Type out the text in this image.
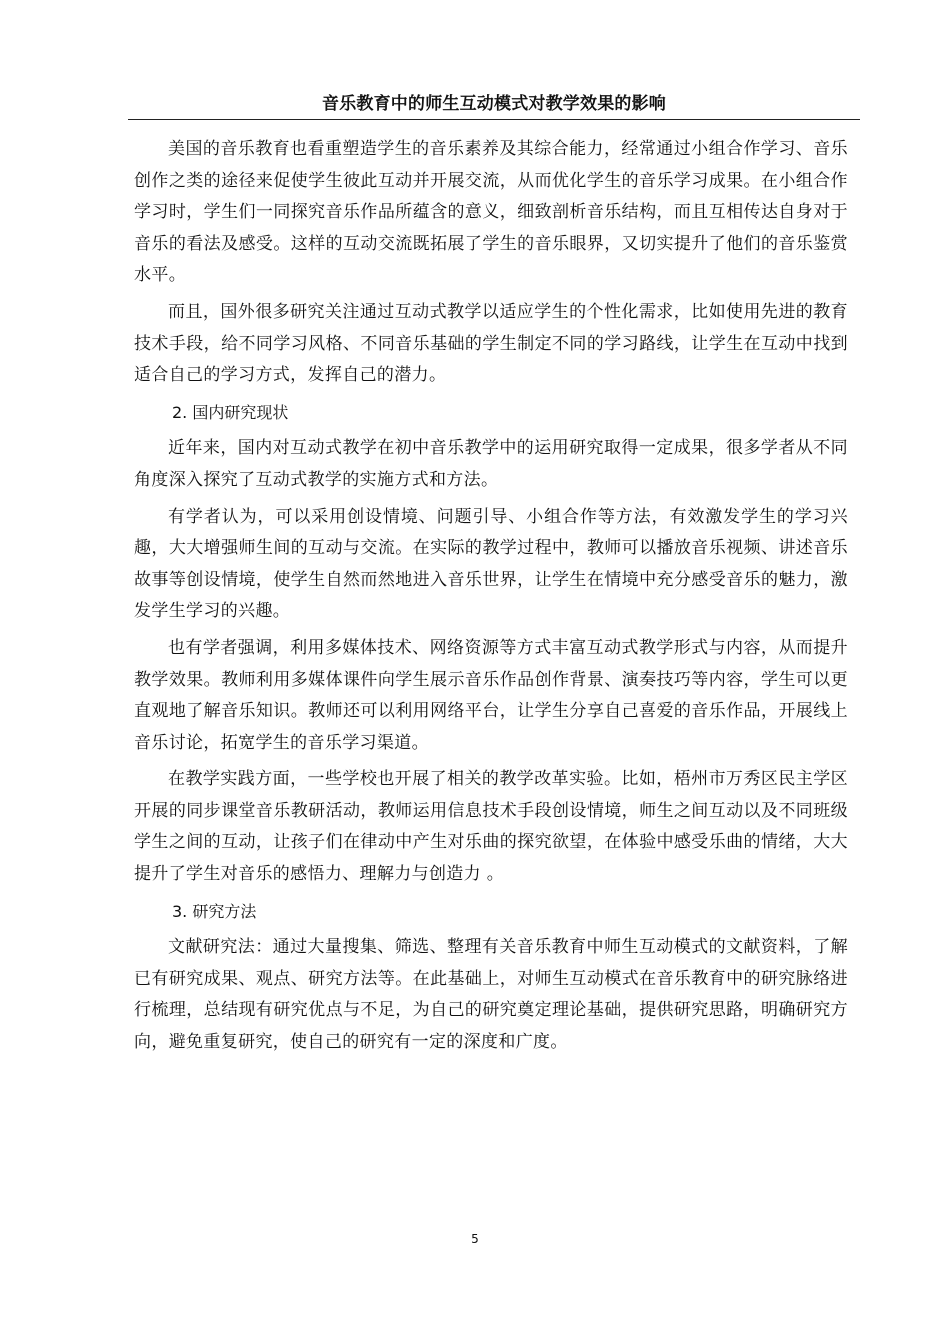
音乐教育中的师生互动模式对教学效果的影响

美国的音乐教育也看重塑造学生的音乐素养及其综合能力，经常通过小组合作学习、音乐创作之类的途径来促使学生彼此互动并开展交流，从而优化学生的音乐学习成果。在小组合作学习时，学生们一同探究音乐作品所蕴含的意义，细致剖析音乐结构，而且互相传达自身对于音乐的看法及感受。这样的互动交流既拓展了学生的音乐眼界，又切实提升了他们的音乐鉴赏水平。

而且，国外很多研究关注通过互动式教学以适应学生的个性化需求，比如使用先进的教育技术手段，给不同学习风格、不同音乐基础的学生制定不同的学习路线，让学生在互动中找到适合自己的学习方式，发挥自己的潜力。

2. 国内研究现状

近年来，国内对互动式教学在初中音乐教学中的运用研究取得一定成果，很多学者从不同角度深入探究了互动式教学的实施方式和方法。

有学者认为，可以采用创设情境、问题引导、小组合作等方法，有效激发学生的学习兴趣，大大增强师生间的互动与交流。在实际的教学过程中，教师可以播放音乐视频、讲述音乐故事等创设情境，使学生自然而然地进入音乐世界，让学生在情境中充分感受音乐的魅力，激发学生学习的兴趣。

也有学者强调，利用多媒体技术、网络资源等方式丰富互动式教学形式与内容，从而提升教学效果。教师利用多媒体课件向学生展示音乐作品创作背景、演奏技巧等内容，学生可以更直观地了解音乐知识。教师还可以利用网络平台，让学生分享自己喜爱的音乐作品，开展线上音乐讨论，拓宽学生的音乐学习渠道。

在教学实践方面，一些学校也开展了相关的教学改革实验。比如，梧州市万秀区民主学区开展的同步课堂音乐教研活动，教师运用信息技术手段创设情境，师生之间互动以及不同班级学生之间的互动，让孩子们在律动中产生对乐曲的探究欲望，在体验中感受乐曲的情绪，大大提升了学生对音乐的感悟力、理解力与创造力 。

3. 研究方法

文献研究法：通过大量搜集、筛选、整理有关音乐教育中师生互动模式的文献资料，了解已有研究成果、观点、研究方法等。在此基础上，对师生互动模式在音乐教育中的研究脉络进行梳理，总结现有研究优点与不足，为自己的研究奠定理论基础，提供研究思路，明确研究方向，避免重复研究，使自己的研究有一定的深度和广度。

5
